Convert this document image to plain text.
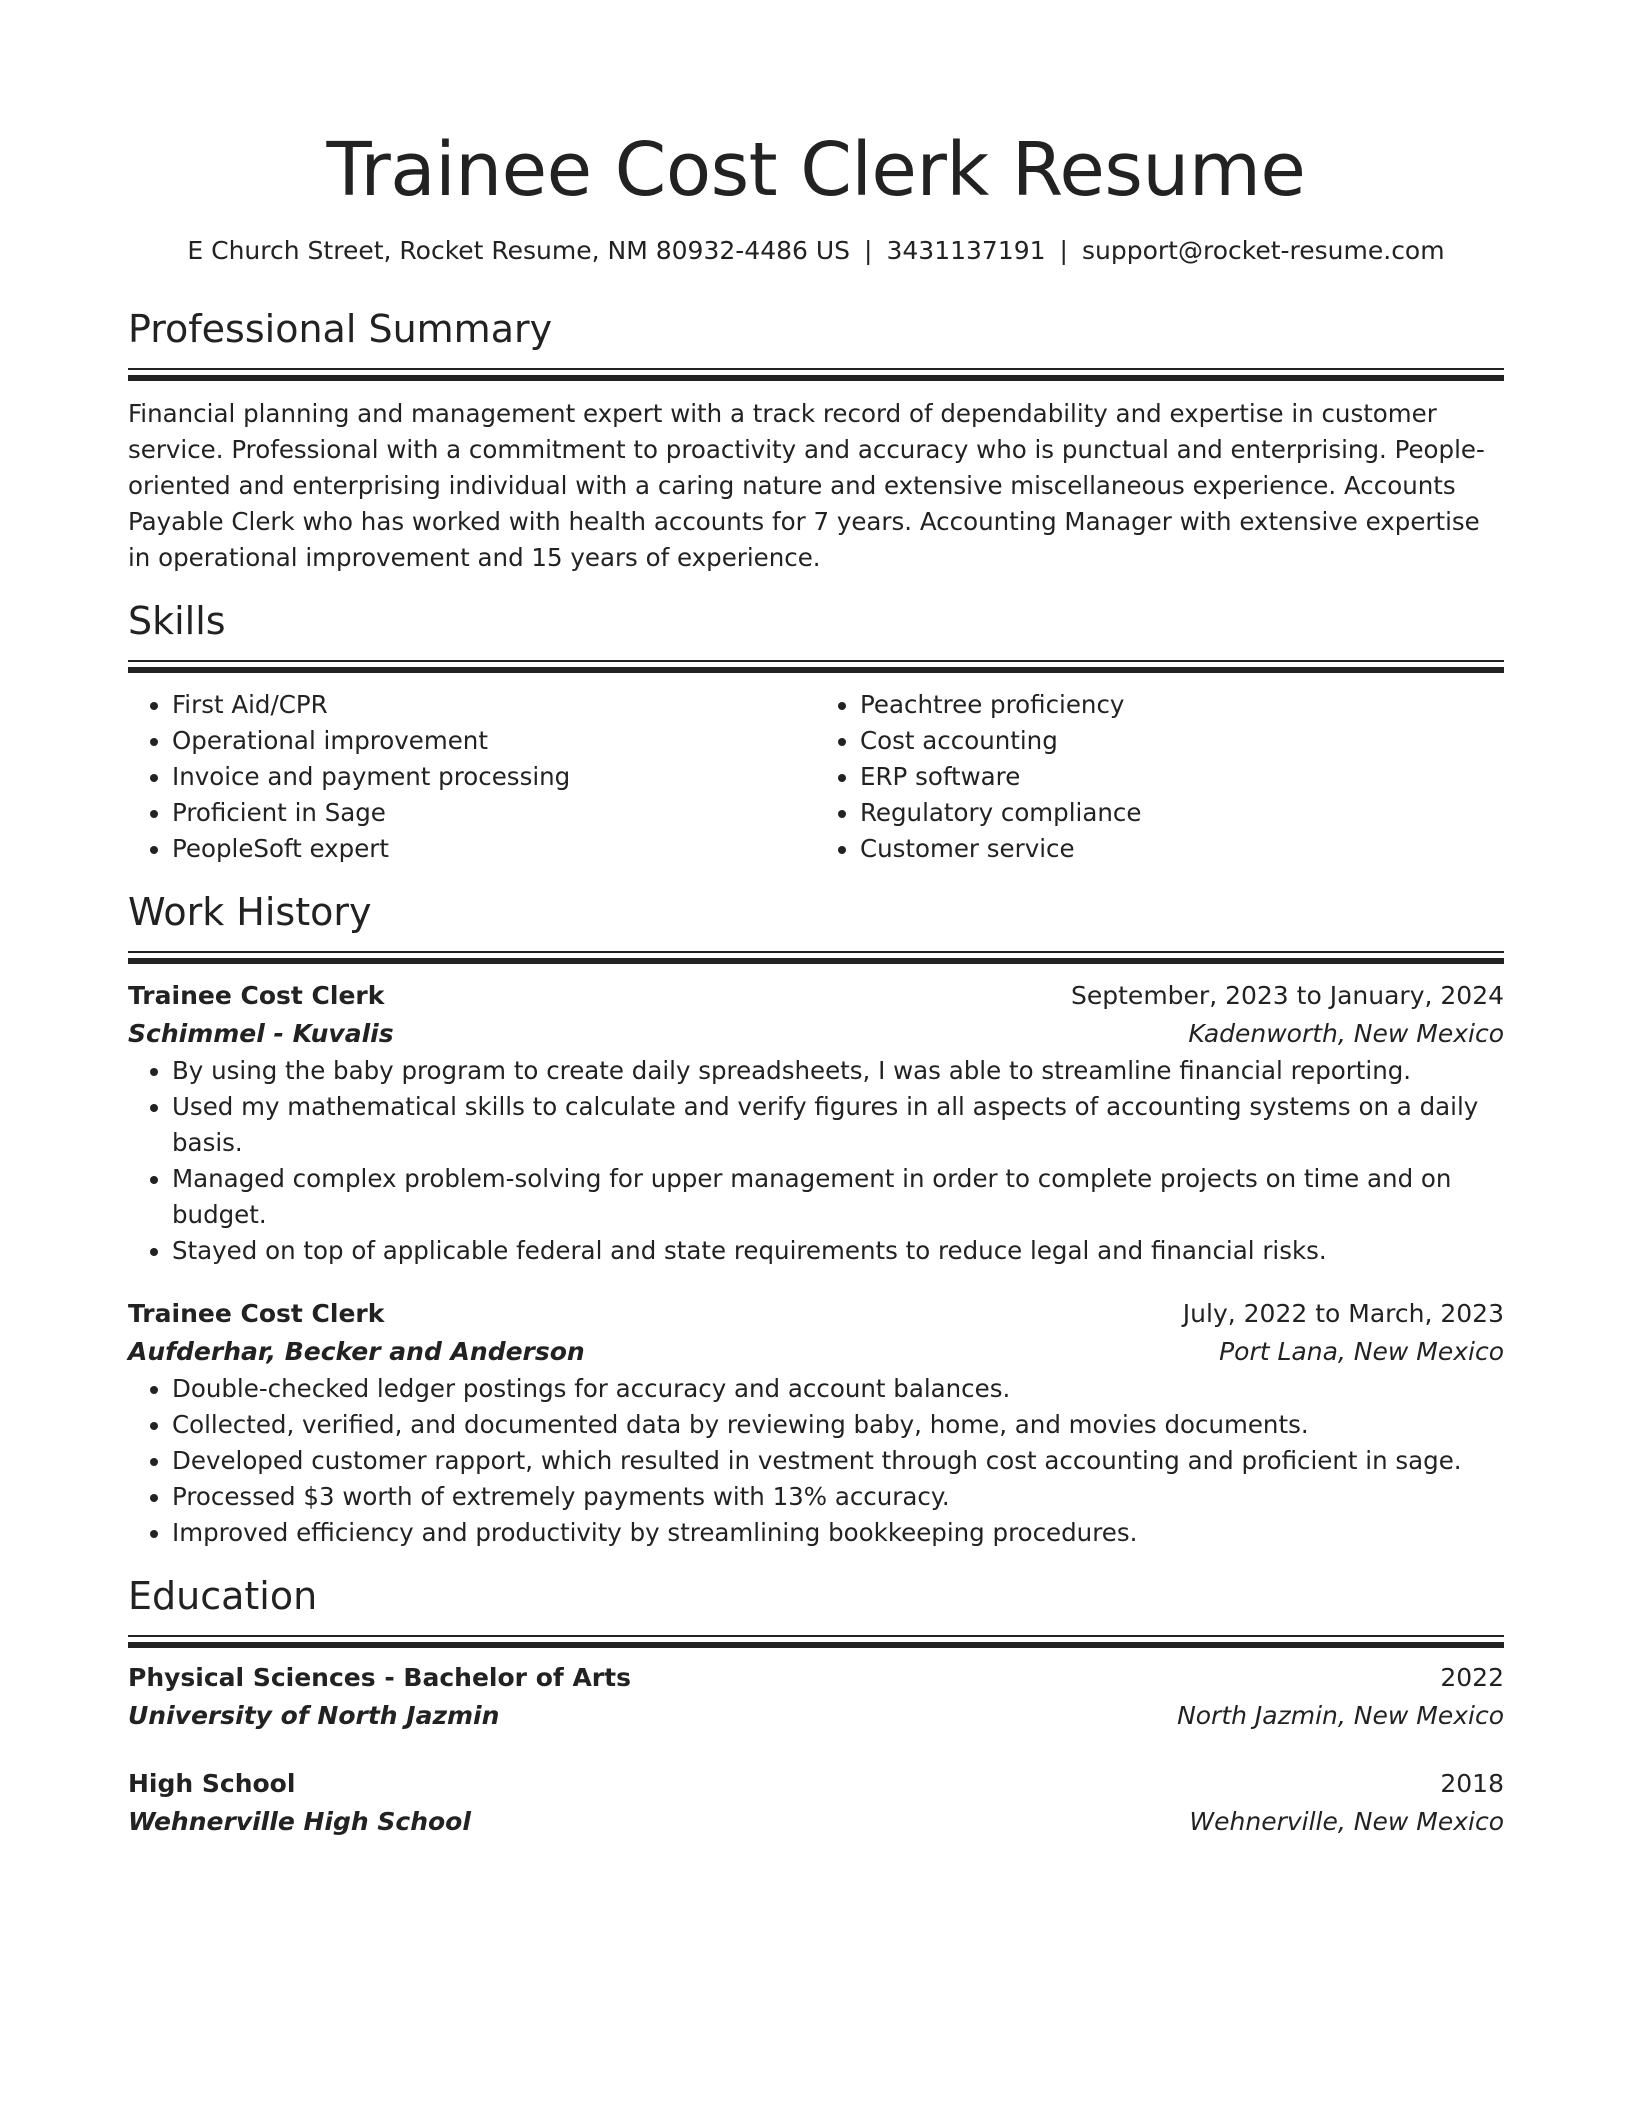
Trainee Cost Clerk Resume
E Church Street, Rocket Resume, NM 80932-4486 US | 3431137191 | support@rocket-resume.com
Professional Summary

Financial planning and management expert with a track record of dependability and expertise in customer service. Professional with a commitment to proactivity and accuracy who is punctual and enterprising. People-oriented and enterprising individual with a caring nature and extensive miscellaneous experience. Accounts Payable Clerk who has worked with health accounts for 7 years. Accounting Manager with extensive expertise in operational improvement and 15 years of experience.

Skills
• First Aid/CPR
• Operational improvement
• Invoice and payment processing
• Proficient in Sage
• PeopleSoft expert
• Peachtree proficiency
• Cost accounting
• ERP software
• Regulatory compliance
• Customer service
Work History
Trainee Cost Clerk	September, 2023 to January, 2024
Schimmel - Kuvalis	Kadenworth, New Mexico
• By using the baby program to create daily spreadsheets, I was able to streamline financial reporting.
• Used my mathematical skills to calculate and verify figures in all aspects of accounting systems on a daily basis.
• Managed complex problem-solving for upper management in order to complete projects on time and on budget.
• Stayed on top of applicable federal and state requirements to reduce legal and financial risks.
Trainee Cost Clerk	July, 2022 to March, 2023
Aufderhar, Becker and Anderson	Port Lana, New Mexico
• Double-checked ledger postings for accuracy and account balances.
• Collected, verified, and documented data by reviewing baby, home, and movies documents.
• Developed customer rapport, which resulted in vestment through cost accounting and proficient in sage.
• Processed $3 worth of extremely payments with 13% accuracy.
• Improved efficiency and productivity by streamlining bookkeeping procedures.
Education
Physical Sciences - Bachelor of Arts	2022
University of North Jazmin	North Jazmin, New Mexico
High School	2018
Wehnerville High School	Wehnerville, New Mexico
